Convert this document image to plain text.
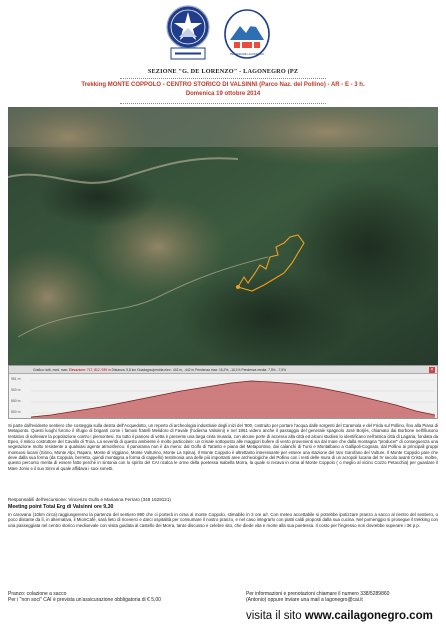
PER ANDARE LAGONEGRO
SEZIONE "G. DE LORENZO" - LAGONEGRO (PZ
Trekking MONTE COPPOLO - CENTRO STORICO DI VALSINNI (Parco Naz. del Pollino) - AR - E - 3 h.
Domenica 19 ottobre 2014
Grafico: tutti, med. max: Elevazione: 717, 812, 939 m Distanza: 9,8 km Guadagno/perdita elev.: 442 m, -442 m Pendenza max: 16,2%, -16,1% Pendenza media: 7,5%, -7,5%	×
951 m
900 m
850 m
800 m

Si parte dall'evidente sentiero che costeggia sulla destra dell'Acquedotto, un reperto di archeologia industriale degli inizi del '900, costruito per portare l'acqua dalle sorgenti del Caramola e del Frida sul Pollino, fino alla Piana di Metaponto. Questi luoghi furono il rifugio di briganti come i famosi fratelli Melidoro di Favale (l'odierna Valsinni) e nel 1861 videro anche il passaggio del generale spagnolo José Borjès, chiamato dai Borbone nell'illusorio tentativo di sollevare la popolazione contro i piemontesi. Su tutto il pianoro di vetta è presente una larga cinta muraria, con alcune porte di accesso alla città ed alcuni studiosi lo identificano nell'antica città di Lagaria, fondata da Epeo, il mitico costruttore del Cavallo di Troia. La severità di questo ambiente è molto particolare: un crinale sottoposto alle maggiori bufere di vento provenienti sia dal mare che dalla montagna "producer" di conseguenza una vegetazione molto resistente a qualsiasi agente atmosferico. Il panorama non è da meno: dal Golfo di Taranto e piana del Metapontino, dai calanchi di Tursi e Montalbano a Gallipoli-Cognato, dal Pollino ai principali gruppi montuosi lucani (Sirino, Monte Alpi, Raparo, Monte di Viggiano, Monte Volturino, Monte La Spina). Il Monte Coppolo è altrettanto interessante per essere una stazione del raro Garofano del Vulture. Il Monte Coppolo pare che deve dalla sua forma (da Coppula, berretto, quindi montagna a forma di cappello) testimonia una delle più importanti aree archeologiche del Pollino con i resti delle mura di un acropoli lucana del IV secolo avanti Cristo. Inoltre, questo percorso merita di essere fatto perché in sintonia con lo spirito del CAI ricalca le orme della poetessa Isabella Morra, la quale si recava in cima al Monte Coppolo ( o meglio al vicino Cozzo Petacchia) per guardare il Mare Jonio e il suo Sinni al quale affidava i suoi sonetti.

Responsabili dell'escursione: Vincenzo Gullo e Marianna Ferraro (348 1629121)
Meeting point Total Erg di Valsinni ore 9,30
In carovana (10km circa) raggiungeremo la partenza del sentiero 990 che ci porterà in cima al monte Coppolo, stimabile in 3 ore a/r. Con meteo accettabile si potrebbe ipotizzare pranzo a sacco al rientro del sentiero, o poco distante da lì, in alternativa, il MionCafè, sarà lieto di riceverci e darci ospitalità per consumare il nostro pranzo, e nel caso integrarlo con piatti caldi proposti dalla sua cucina. Nel pomeriggio si prosegue il trekking con una passeggiata nel centro storico medioevale con visita guidata al castello dei Morra, tanto discusso e celebre sito, che diede vita e morte alla sua poetessa. Il costo per l'ingresso non dovrebbe superare i 3€ p.p.
Pranzo: colazione a sacco
Per i "non soci" CAI è prevista un'assicurazione obbligatoria di € 5,00
Per informazioni e prenotazioni chiamare il numero 338/5289860
(Antonio) oppure inviare una mail a lagonegro@cai.it
visita il sito www.cailagonegro.com
